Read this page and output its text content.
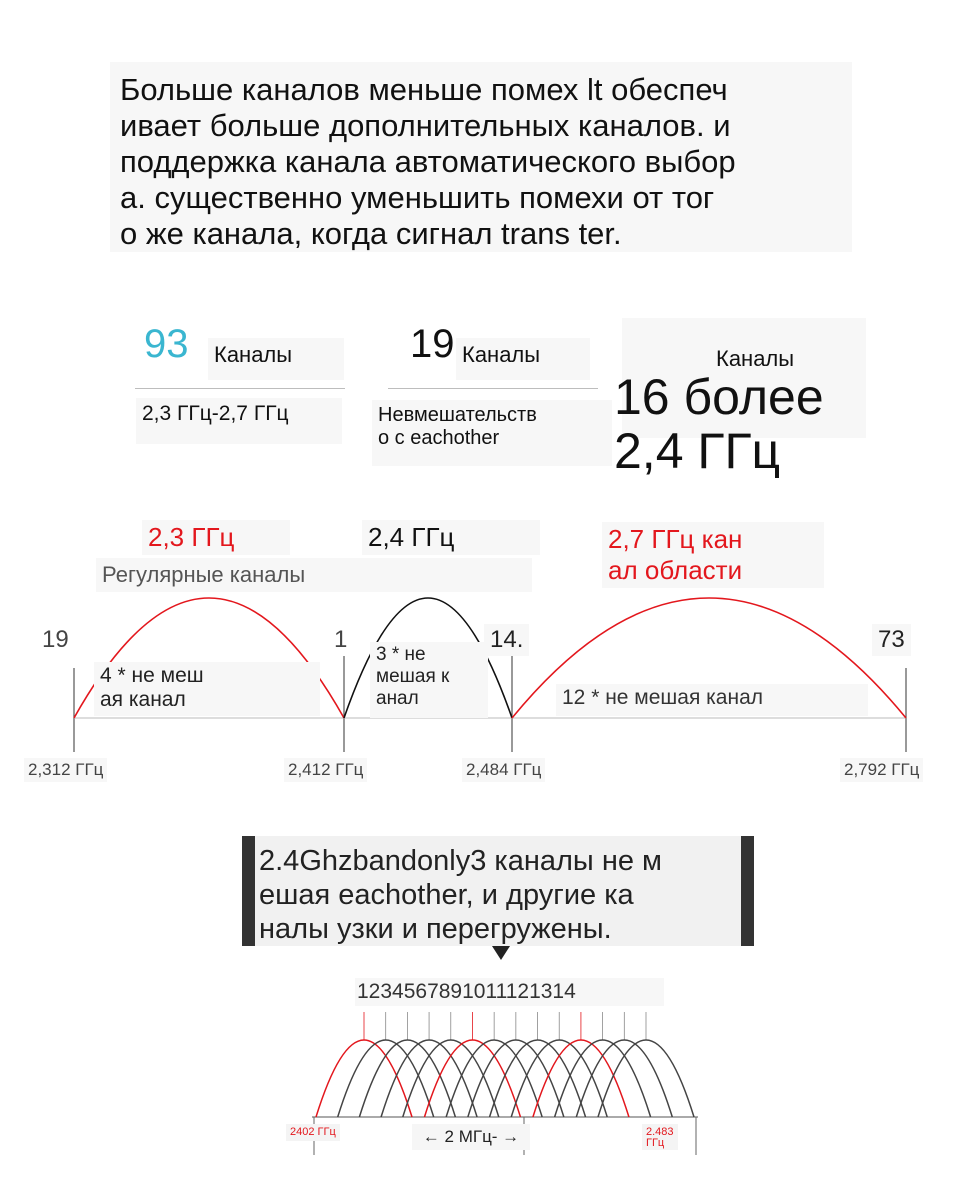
Больше каналов меньше помех lt обеспеч
ивает больше дополнительных каналов. и
поддержка канала автоматического выбор
а. существенно уменьшить помехи от тог
о же канала, когда сигнал trans ter.
93 Каналы
2,3 ГГц-2,7 ГГц
19 Каналы
Невмешательств
о с eachother
Каналы
16 более
2,4 ГГц
2,3 ГГц	2,4 ГГц	2,7 ГГц кан
ал области
Регулярные каналы
19	1	14.	73
4 * не меш
ая канал
3 * не
мешая к
анал	12 * не мешая канал
2,312 ГГц	2,412 ГГц	2,484 ГГц	2,792 ГГц
2.4Ghzbandonly3 каналы не м
ешая eachother, и другие ка
налы узки и перегружены.
1234567891011121314
2402 ГГц	2.483
ГГц
← 2 МГц- →
